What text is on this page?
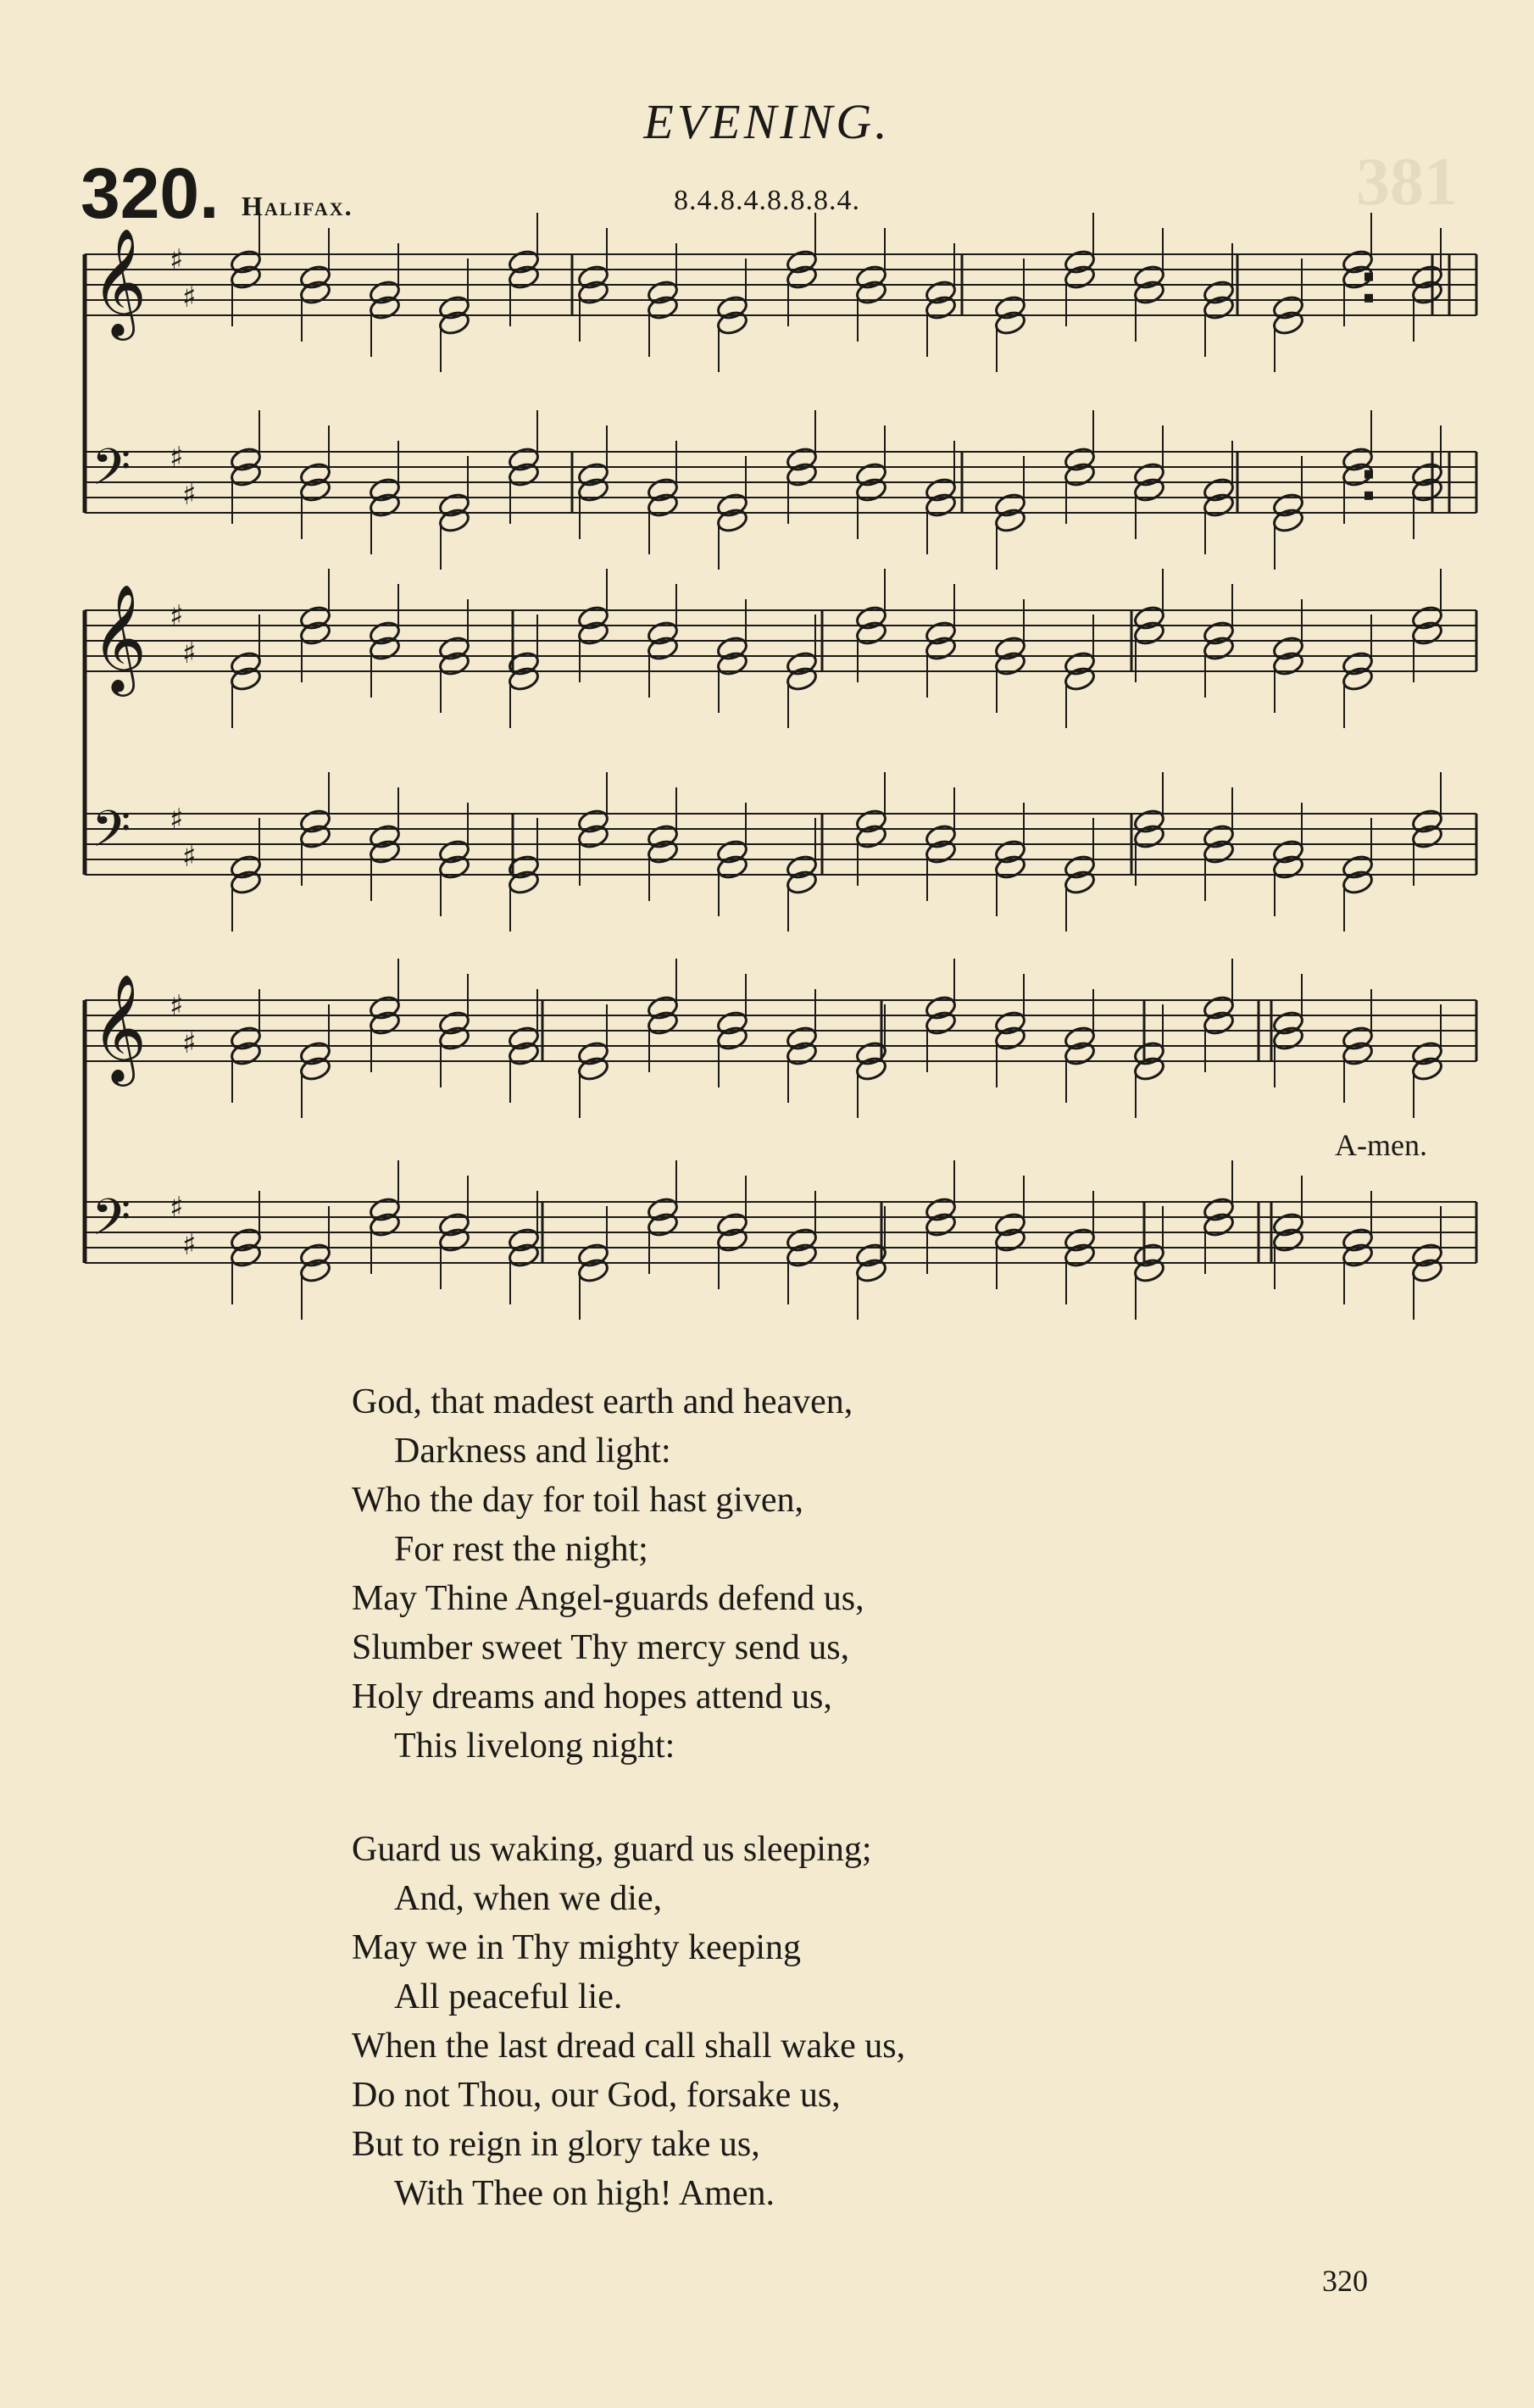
381
EVENING.
320. Halifax.	8.4.8.4.8.8.8.4.
𝄞 ♯
♯
𝄢 ♯
♯
𝄞 ♯
♯
𝄢 ♯
♯
𝄞 ♯
♯
𝄢 ♯
♯
A-men.
God, that madest earth and heaven,
Darkness and light:
Who the day for toil hast given,
For rest the night;
May Thine Angel-guards defend us,
Slumber sweet Thy mercy send us,
Holy dreams and hopes attend us,
This livelong night:
Guard us waking, guard us sleeping;
And, when we die,
May we in Thy mighty keeping
All peaceful lie.
When the last dread call shall wake us,
Do not Thou, our God, forsake us,
But to reign in glory take us,
With Thee on high! Amen.
320
